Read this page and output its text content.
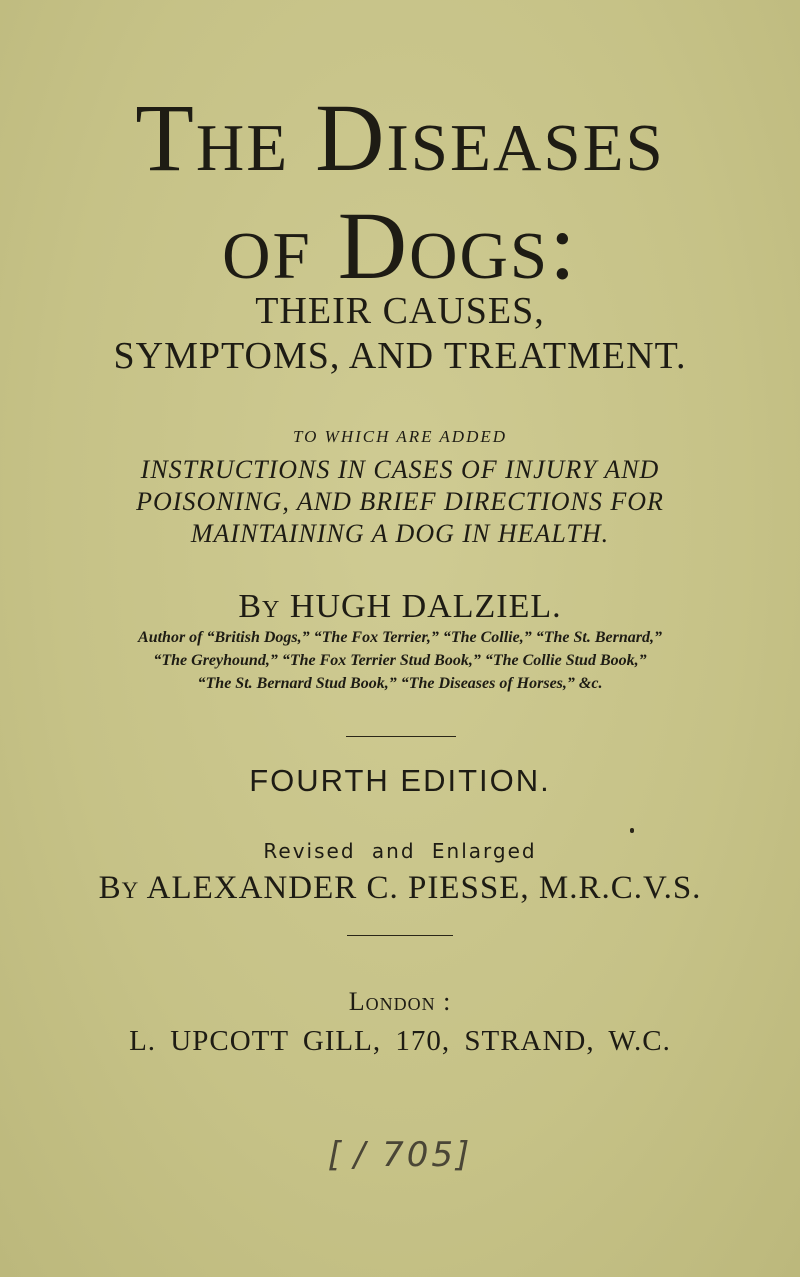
The Diseases
of Dogs:
THEIR CAUSES,
SYMPTOMS, AND TREATMENT.
TO WHICH ARE ADDED
INSTRUCTIONS IN CASES OF INJURY AND
POISONING, AND BRIEF DIRECTIONS FOR
MAINTAINING A DOG IN HEALTH.
By HUGH DALZIEL.
Author of “British Dogs,” “The Fox Terrier,” “The Collie,” “The St. Bernard,”
“The Greyhound,” “The Fox Terrier Stud Book,” “The Collie Stud Book,”
“The St. Bernard Stud Book,” “The Diseases of Horses,” &c.
FOURTH EDITION.
Revised and Enlarged
By ALEXANDER C. PIESSE, M.R.C.V.S.
London :
L. UPCOTT GILL, 170, STRAND, W.C.
[ / 705]
